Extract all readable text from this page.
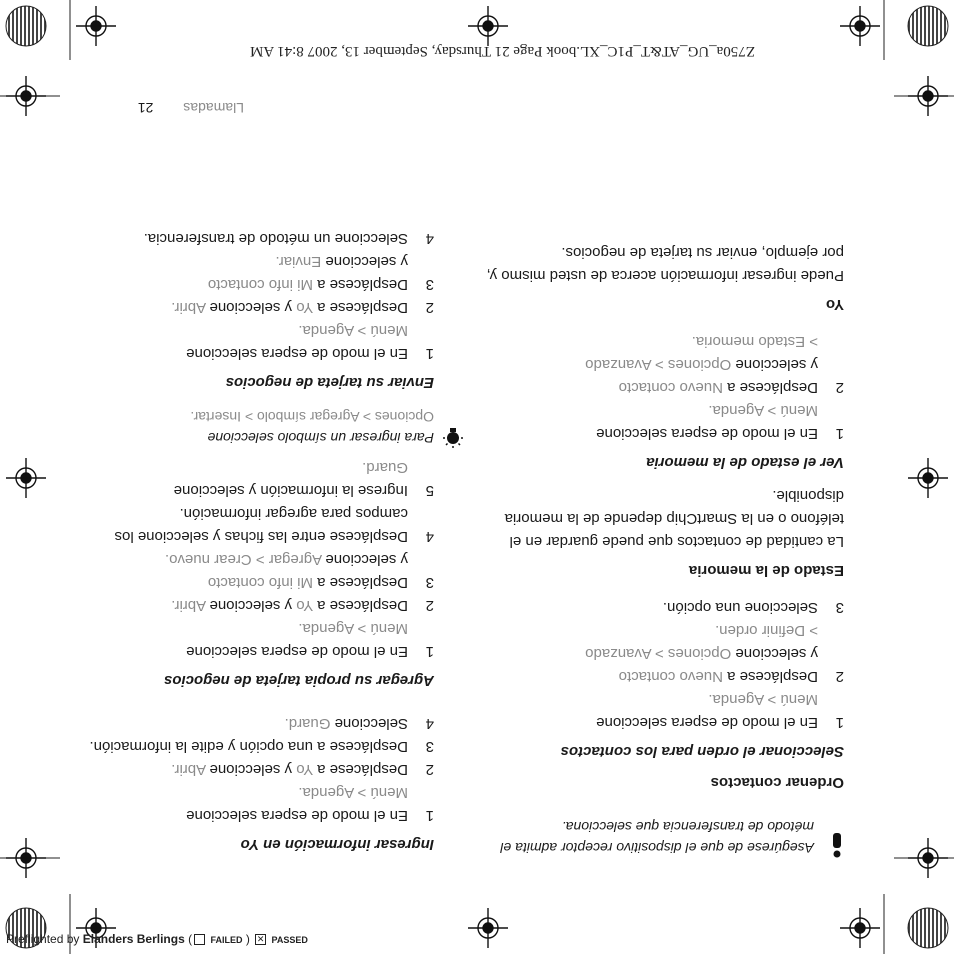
Z750a_UG_AT&T_P1C_XL.book Page 21 Thursday, September 13, 2007 8:41 AM
Preflighted by Elanders Berlings ( FAILED ) ✕ PASSED
Asegúrese de que el dispositivo receptor admita el método de transferencia que selecciona.
Ordenar contactos
Seleccionar el orden para los contactos
1
En el modo de espera seleccione
Menú > Agenda.
2
Desplácese a Nuevo contacto
y seleccione Opciones > Avanzado
> Definir orden.
3
Seleccione una opción.
Estado de la memoria
La cantidad de contactos que puede guardar en el teléfono o en la SmartChip depende de la memoria disponible.
Ver el estado de la memoria
1
En el modo de espera seleccione
Menú > Agenda.
2
Desplácese a Nuevo contacto
y seleccione Opciones > Avanzado
> Estado memoria.
Yo
Puede ingresar información acerca de usted mismo y, por ejemplo, enviar su tarjeta de negocios.
Ingresar información en Yo
1
En el modo de espera seleccione
Menú > Agenda.
2
Desplácese a Yo y seleccione Abrir.
3
Desplácese a una opción y edite la información.
4
Seleccione Guard.
Agregar su propia tarjeta de negocios
1
En el modo de espera seleccione
Menú > Agenda.
2
Desplácese a Yo y seleccione Abrir.
3
Desplácese a Mi info contacto
y seleccione Agregar > Crear nuevo.
4
Desplácese entre las fichas y seleccione los campos para agregar información.
5
Ingrese la información y seleccione
Guard.
Para ingresar un símbolo seleccione
Opciones > Agregar símbolo > Insertar.
Enviar su tarjeta de negocios
1
En el modo de espera seleccione
Menú > Agenda.
2
Desplácese a Yo y seleccione Abrir.
3
Desplácese a Mi info contacto
y seleccione Enviar.
4
Seleccione un método de transferencia.
Llamadas 21
